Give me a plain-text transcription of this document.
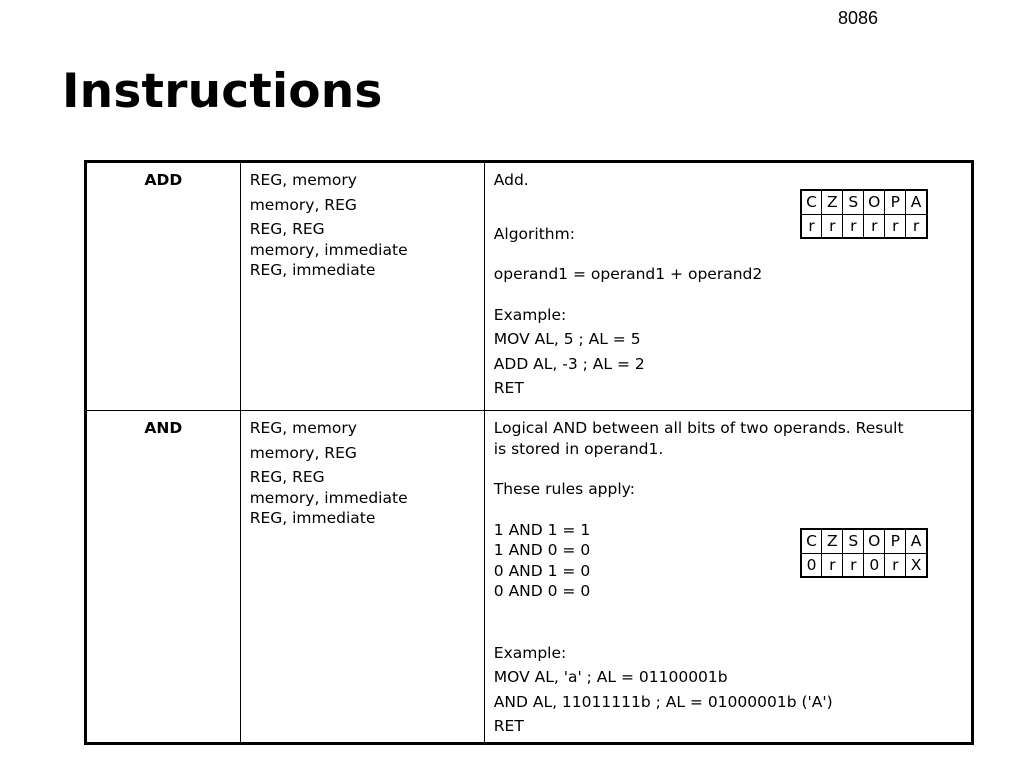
8086
Instructions
ADD	REG, memory
memory, REG
REG, REG
memory, immediate
REG, immediate

Add.
Algorithm:
operand1 = operand1 + operand2
Example:
MOV AL, 5 ; AL = 5
ADD AL, -3 ; AL = 2
RET
C	Z	S	O	P	A
r	r	r	r	r	r

AND	REG, memory
memory, REG
REG, REG
memory, immediate
REG, immediate

Logical AND between all bits of two operands. Result
is stored in operand1.
These rules apply:
1 AND 1 = 1
1 AND 0 = 0
0 AND 1 = 0
0 AND 0 = 0
Example:
MOV AL, 'a' ; AL = 01100001b
AND AL, 11011111b ; AL = 01000001b ('A')
RET
C	Z	S	O	P	A
0	r	r	0	r	X
